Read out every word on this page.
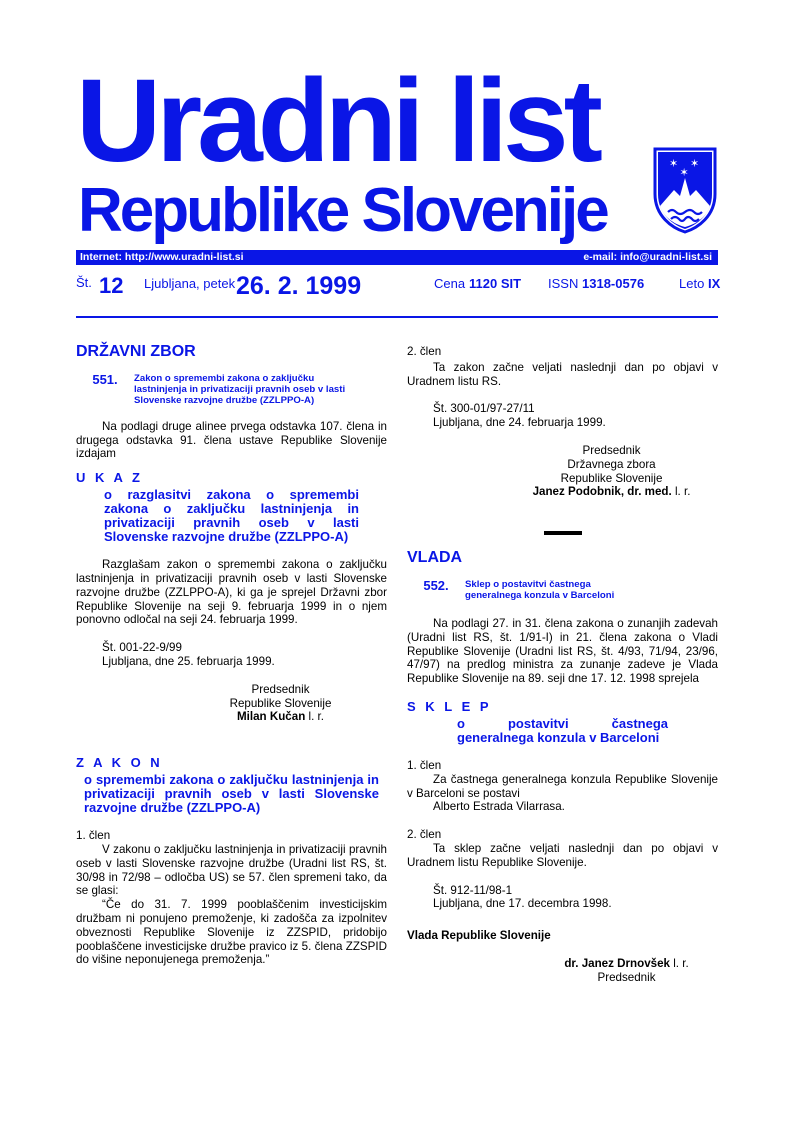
Uradni list
Republike Slovenije
✶ ✶
✶
Internet: http://www.uradni-list.si	e-mail: info@uradni-list.si
Št. 12 Ljubljana, petek 26. 2. 1999	Cena 1120 SIT ISSN 1318-0576	Leto IX

DRŽAVNI ZBOR

551.	Zakon o spremembi zakona o zaključku lastninjenja in privatizaciji pravnih oseb v lasti Slovenske razvojne družbe (ZZLPPO-A)

Na podlagi druge alinee prvega odstavka 107. člena in drugega odstavka 91. člena ustave Republike Slovenije izdajam

U K A Z

o razglasitvi zakona o spremembi zakona o zaključku lastninjenja in privatizaciji pravnih oseb v lasti Slovenske razvojne družbe (ZZLPPO-A)

Razglašam zakon o spremembi zakona o zaključku lastninjenja in privatizaciji pravnih oseb v lasti Slovenske razvojne družbe (ZZLPPO-A), ki ga je sprejel Državni zbor Republike Slovenije na seji 9. februarja 1999 in o njem ponovno odločal na seji 24. februarja 1999.

Št. 001-22-9/99

Ljubljana, dne 25. februarja 1999.

Predsednik
Republike Slovenije
Milan Kučan l. r.

Z A K O N

o spremembi zakona o zaključku lastninjenja in privatizaciji pravnih oseb v lasti Slovenske razvojne družbe (ZZLPPO-A)

1. člen

V zakonu o zaključku lastninjenja in privatizaciji pravnih oseb v lasti Slovenske razvojne družbe (Uradni list RS, št. 30/98 in 72/98 – odločba US) se 57. člen spremeni tako, da se glasi:

“Če do 31. 7. 1999 pooblaščenim investicijskim družbam ni ponujeno premoženje, ki zadošča za izpolnitev obveznosti Republike Slovenije iz ZZSPID, pridobijo pooblaščene investicijske družbe pravico iz 5. člena ZZSPID do višine neponujenega premoženja.”

2. člen

Ta zakon začne veljati naslednji dan po objavi v Uradnem listu RS.

Št. 300-01/97-27/11

Ljubljana, dne 24. februarja 1999.

Predsednik
Državnega zbora
Republike Slovenije
Janez Podobnik, dr. med. l. r.

VLADA

552.	Sklep o postavitvi častnega generalnega konzula v Barceloni

Na podlagi 27. in 31. člena zakona o zunanjih zadevah (Uradni list RS, št. 1/91-I) in 21. člena zakona o Vladi Republike Slovenije (Uradni list RS, št. 4/93, 71/94, 23/96, 47/97) na predlog ministra za zunanje zadeve je Vlada Republike Slovenije na 89. seji dne 17. 12. 1998 sprejela

S K L E P

o postavitvi častnega generalnega konzula v Barceloni

1. člen

Za častnega generalnega konzula Republike Slovenije v Barceloni se postavi

Alberto Estrada Vilarrasa.

2. člen

Ta sklep začne veljati naslednji dan po objavi v Uradnem listu Republike Slovenije.

Št. 912-11/98-1

Ljubljana, dne 17. decembra 1998.

Vlada Republike Slovenije

dr. Janez Drnovšek l. r.
Predsednik
